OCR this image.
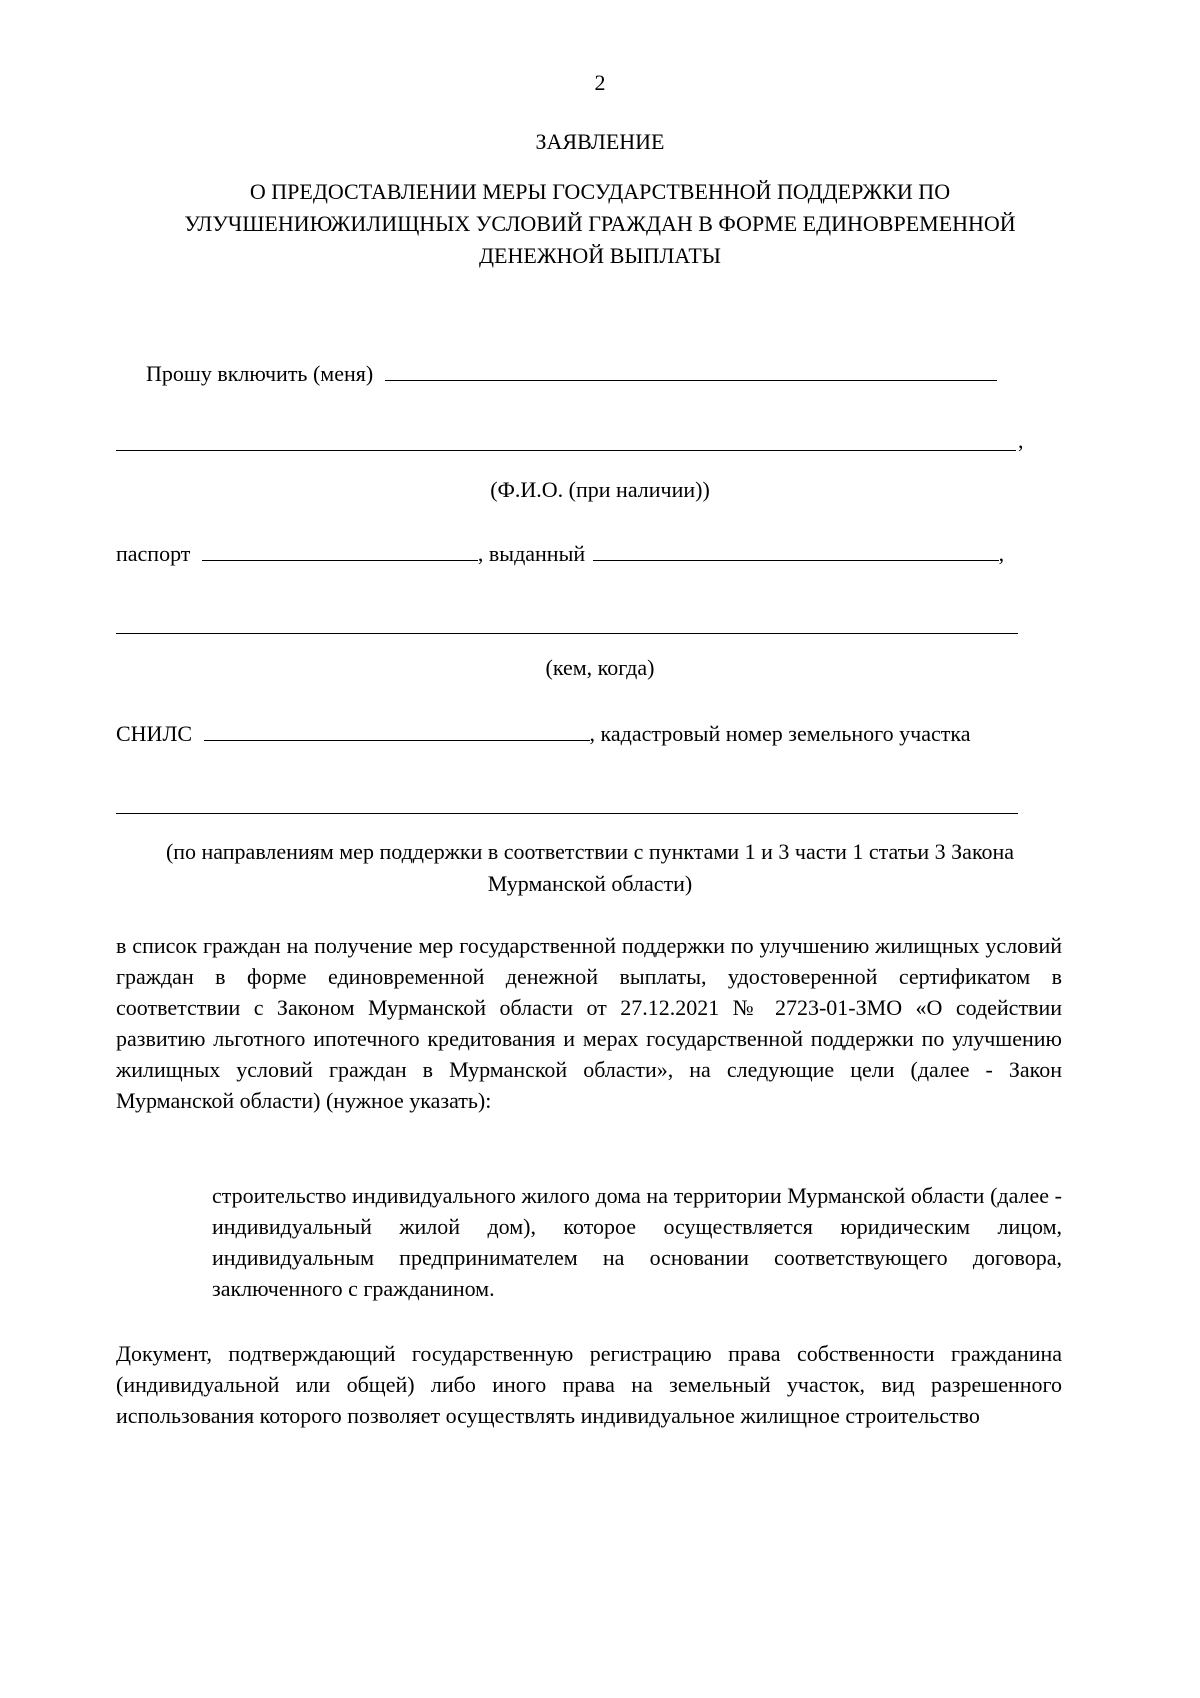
2
ЗАЯВЛЕНИЕ
О ПРЕДОСТАВЛЕНИИ МЕРЫ ГОСУДАРСТВЕННОЙ ПОДДЕРЖКИ ПО УЛУЧШЕНИЮЖИЛИЩНЫХ УСЛОВИЙ ГРАЖДАН В ФОРМЕ ЕДИНОВРЕМЕННОЙ ДЕНЕЖНОЙ ВЫПЛАТЫ
Прошу включить (меня)
,
(Ф.И.О. (при наличии))
паспорт	, выданный	,
(кем, когда)
СНИЛС	, кадастровый номер земельного участка
(по направлениям мер поддержки в соответствии с пунктами 1 и 3 части 1 статьи 3 Закона Мурманской области)
в список граждан на получение мер государственной поддержки по улучшению жилищных условий граждан в форме единовременной денежной выплаты, удостоверенной сертификатом в соответствии с Законом Мурманской области от 27.12.2021 № 2723-01-ЗМО «О содействии развитию льготного ипотечного кредитования и мерах государственной поддержки по улучшению жилищных условий граждан в Мурманской области», на следующие цели (далее - Закон Мурманской области) (нужное указать):
строительство индивидуального жилого дома на территории Мурманской области (далее - индивидуальный жилой дом), которое осуществляется юридическим лицом, индивидуальным предпринимателем на основании соответствующего договора, заключенного с гражданином.
Документ, подтверждающий государственную регистрацию права собственности гражданина (индивидуальной или общей) либо иного права на земельный участок, вид разрешенного использования которого позволяет осуществлять индивидуальное жилищное строительство
